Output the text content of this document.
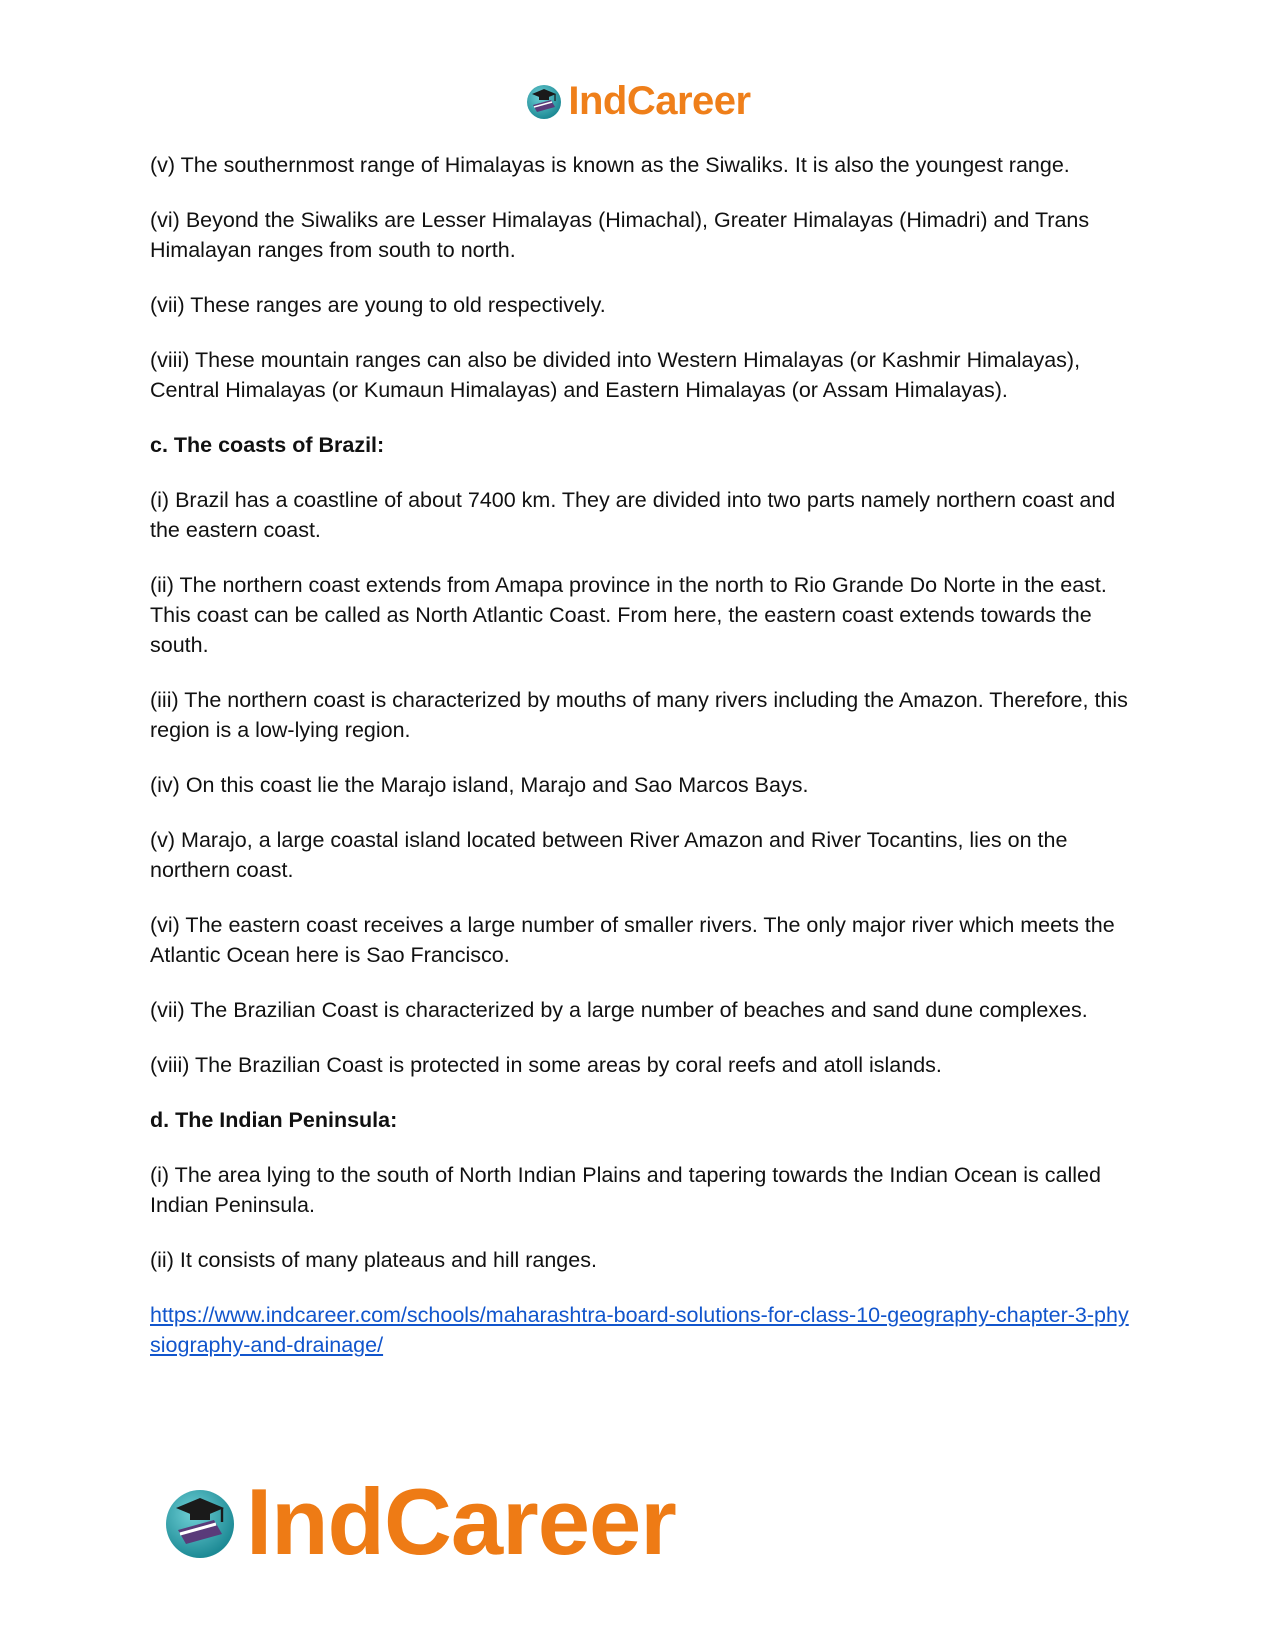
IndCareer

(v) The southernmost range of Himalayas is known as the Siwaliks. It is also the youngest range.

(vi) Beyond the Siwaliks are Lesser Himalayas (Himachal), Greater Himalayas (Himadri) and Trans Himalayan ranges from south to north.

(vii) These ranges are young to old respectively.

(viii) These mountain ranges can also be divided into Western Himalayas (or Kashmir Himalayas), Central Himalayas (or Kumaun Himalayas) and Eastern Himalayas (or Assam Himalayas).

c. The coasts of Brazil:

(i) Brazil has a coastline of about 7400 km. They are divided into two parts namely northern coast and the eastern coast.

(ii) The northern coast extends from Amapa province in the north to Rio Grande Do Norte in the east. This coast can be called as North Atlantic Coast. From here, the eastern coast extends towards the south.

(iii) The northern coast is characterized by mouths of many rivers including the Amazon. Therefore, this region is a low-lying region.

(iv) On this coast lie the Marajo island, Marajo and Sao Marcos Bays.

(v) Marajo, a large coastal island located between River Amazon and River Tocantins, lies on the northern coast.

(vi) The eastern coast receives a large number of smaller rivers. The only major river which meets the Atlantic Ocean here is Sao Francisco.

(vii) The Brazilian Coast is characterized by a large number of beaches and sand dune complexes.

(viii) The Brazilian Coast is protected in some areas by coral reefs and atoll islands.

d. The Indian Peninsula:

(i) The area lying to the south of North Indian Plains and tapering towards the Indian Ocean is called Indian Peninsula.

(ii) It consists of many plateaus and hill ranges.

https://www.indcareer.com/schools/maharashtra-board-solutions-for-class-10-geography-chapter-3-physiography-and-drainage/
IndCareer
